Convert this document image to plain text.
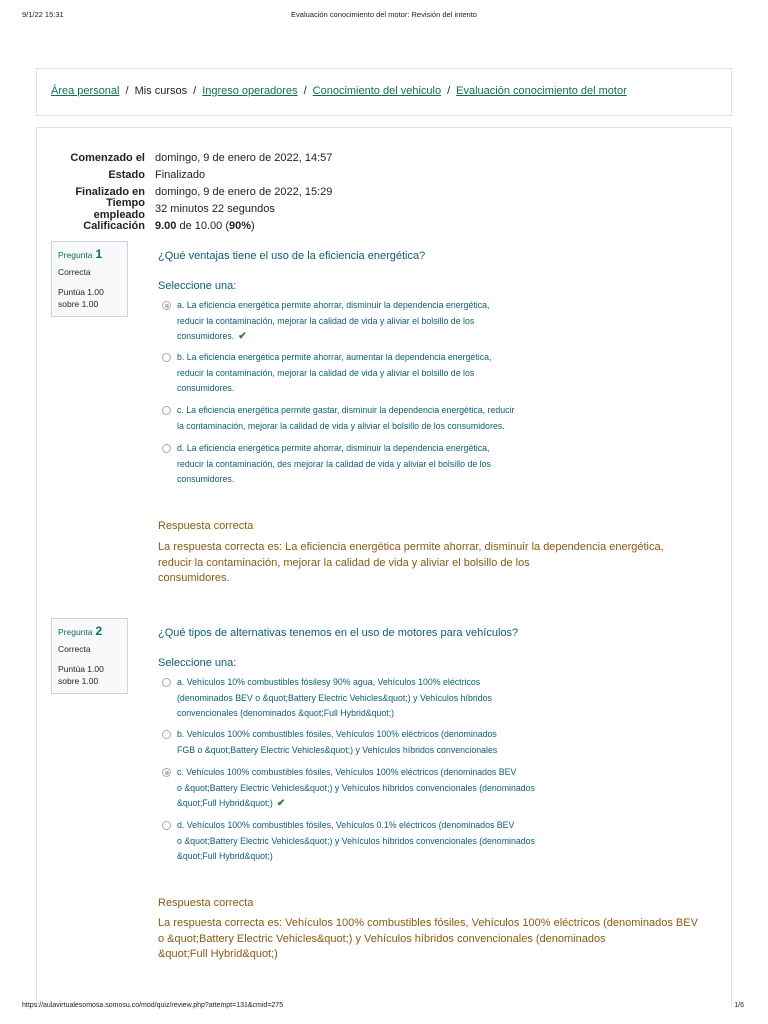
9/1/22 15:31	Evaluación conocimiento del motor: Revisión del intento
Área personal / Mis cursos / Ingreso operadores / Conocimiento del vehiculo / Evaluación conocimiento del motor
Comenzado el domingo, 9 de enero de 2022, 14:57
Estado Finalizado
Finalizado en domingo, 9 de enero de 2022, 15:29
Tiempo empleado 32 minutos 22 segundos
Calificación 9.00 de 10.00 (90%)
Pregunta 1
Correcta
Puntúa 1.00
sobre 1.00
¿Qué ventajas tiene el uso de la eficiencia energética?
Seleccione una:
a. La eficiencia energética permite ahorrar, disminuir la dependencia energética,
reducir la contaminación, mejorar la calidad de vida y aliviar el bolsillo de los
consumidores. ✔
b. La eficiencia energética permite ahorrar, aumentar la dependencia energética,
reducir la contaminación, mejorar la calidad de vida y aliviar el bolsillo de los
consumidores.
c. La eficiencia energética permite gastar, disminuir la dependencia energética, reducir
la contaminación, mejorar la calidad de vida y aliviar el bolsillo de los consumidores.
d. La eficiencia energética permite ahorrar, disminuir la dependencia energética,
reducir la contaminación, des mejorar la calidad de vida y aliviar el bolsillo de los
consumidores.
Respuesta correcta
La respuesta correcta es: La eficiencia energética permite ahorrar, disminuir la dependencia energética,
reducir la contaminación, mejorar la calidad de vida y aliviar el bolsillo de los
consumidores.
Pregunta 2
Correcta
Puntúa 1.00
sobre 1.00
¿Qué tipos de alternativas tenemos en el uso de motores para vehículos?
Seleccione una:
a. Vehículos 10% combustibles fósilesy 90% agua, Vehículos 100% eléctricos
(denominados BEV o &quot;Battery Electric Vehicles&quot;) y Vehículos híbridos
convencionales (denominados &quot;Full Hybrid&quot;)
b. Vehículos 100% combustibles fósiles, Vehículos 100% eléctricos (denominados
FGB o &quot;Battery Electric Vehicles&quot;) y Vehículos híbridos convencionales
c. Vehículos 100% combustibles fósiles, Vehículos 100% eléctricos (denominados BEV
o &quot;Battery Electric Vehicles&quot;) y Vehículos híbridos convencionales (denominados
&quot;Full Hybrid&quot;) ✔
d. Vehículos 100% combustibles fósiles, Vehículos 0.1% eléctricos (denominados BEV
o &quot;Battery Electric Vehicles&quot;) y Vehículos híbridos convencionales (denominados
&quot;Full Hybrid&quot;)
Respuesta correcta
La respuesta correcta es: Vehículos 100% combustibles fósiles, Vehículos 100% eléctricos (denominados BEV
o &quot;Battery Electric Vehicles&quot;) y Vehículos híbridos convencionales (denominados
&quot;Full Hybrid&quot;)
https://aulavirtualesomosa.somosu.co/mod/quiz/review.php?attempt=131&cmid=275	1/6
